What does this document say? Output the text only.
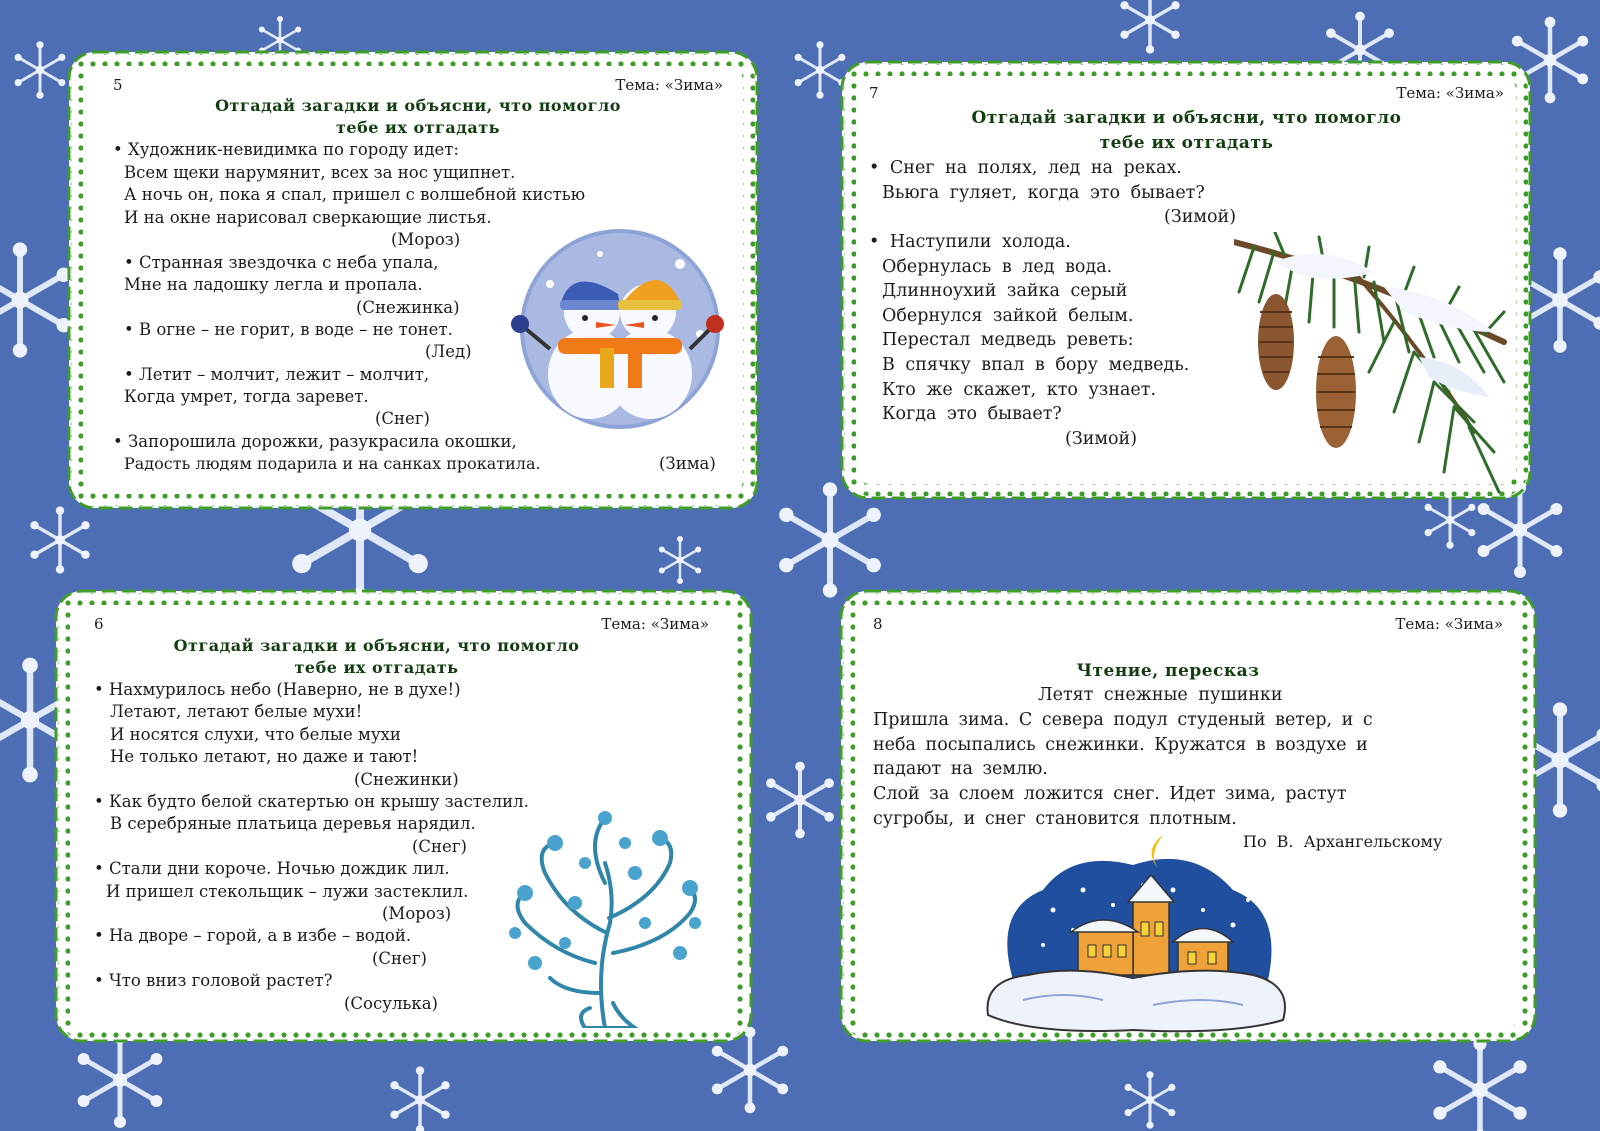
5	Тема: «Зима»
Отгадай загадки и объясни, что помогло
тебе их отгадать
• Художник-невидимка по городу идет:
Всем щеки нарумянит, всех за нос ущипнет.
А ночь он, пока я спал, пришел с волшебной кистью
И на окне нарисовал сверкающие листья.
(Мороз)
• Странная звездочка с неба упала,
Мне на ладошку легла и пропала.
(Снежинка)
• В огне – не горит, в воде – не тонет.
(Лед)
• Летит – молчит, лежит – молчит,
Когда умрет, тогда заревет.
(Снег)
• Запорошила дорожки, разукрасила окошки,
Радость людям подарила и на санках прокатила.	(Зима)
7	Тема: «Зима»
Отгадай загадки и объясни, что помогло
тебе их отгадать
• Снег на полях, лед на реках.
Вьюга гуляет, когда это бывает?
(Зимой)
• Наступили холода.
Обернулась в лед вода.
Длинноухий зайка серый
Обернулся зайкой белым.
Перестал медведь реветь:
В спячку впал в бору медведь.
Кто же скажет, кто узнает.
Когда это бывает?
(Зимой)
6	Тема: «Зима»
Отгадай загадки и объясни, что помогло
тебе их отгадать
• Нахмурилось небо (Наверно, не в духе!)
Летают, летают белые мухи!
И носятся слухи, что белые мухи
Не только летают, но даже и тают!
(Снежинки)
• Как будто белой скатертью он крышу застелил.
В серебряные платьица деревья нарядил.
(Снег)
• Стали дни короче. Ночью дождик лил.
И пришел стекольщик – лужи застеклил.
(Мороз)
• На дворе – горой, а в избе – водой.
(Снег)
• Что вниз головой растет?
(Сосулька)
8	Тема: «Зима»
Чтение, пересказ
Летят снежные пушинки
Пришла зима. С севера подул студеный ветер, и с
неба посыпались снежинки. Кружатся в воздухе и
падают на землю.
Слой за слоем ложится снег. Идет зима, растут
сугробы, и снег становится плотным.
По В. Архангельскому
